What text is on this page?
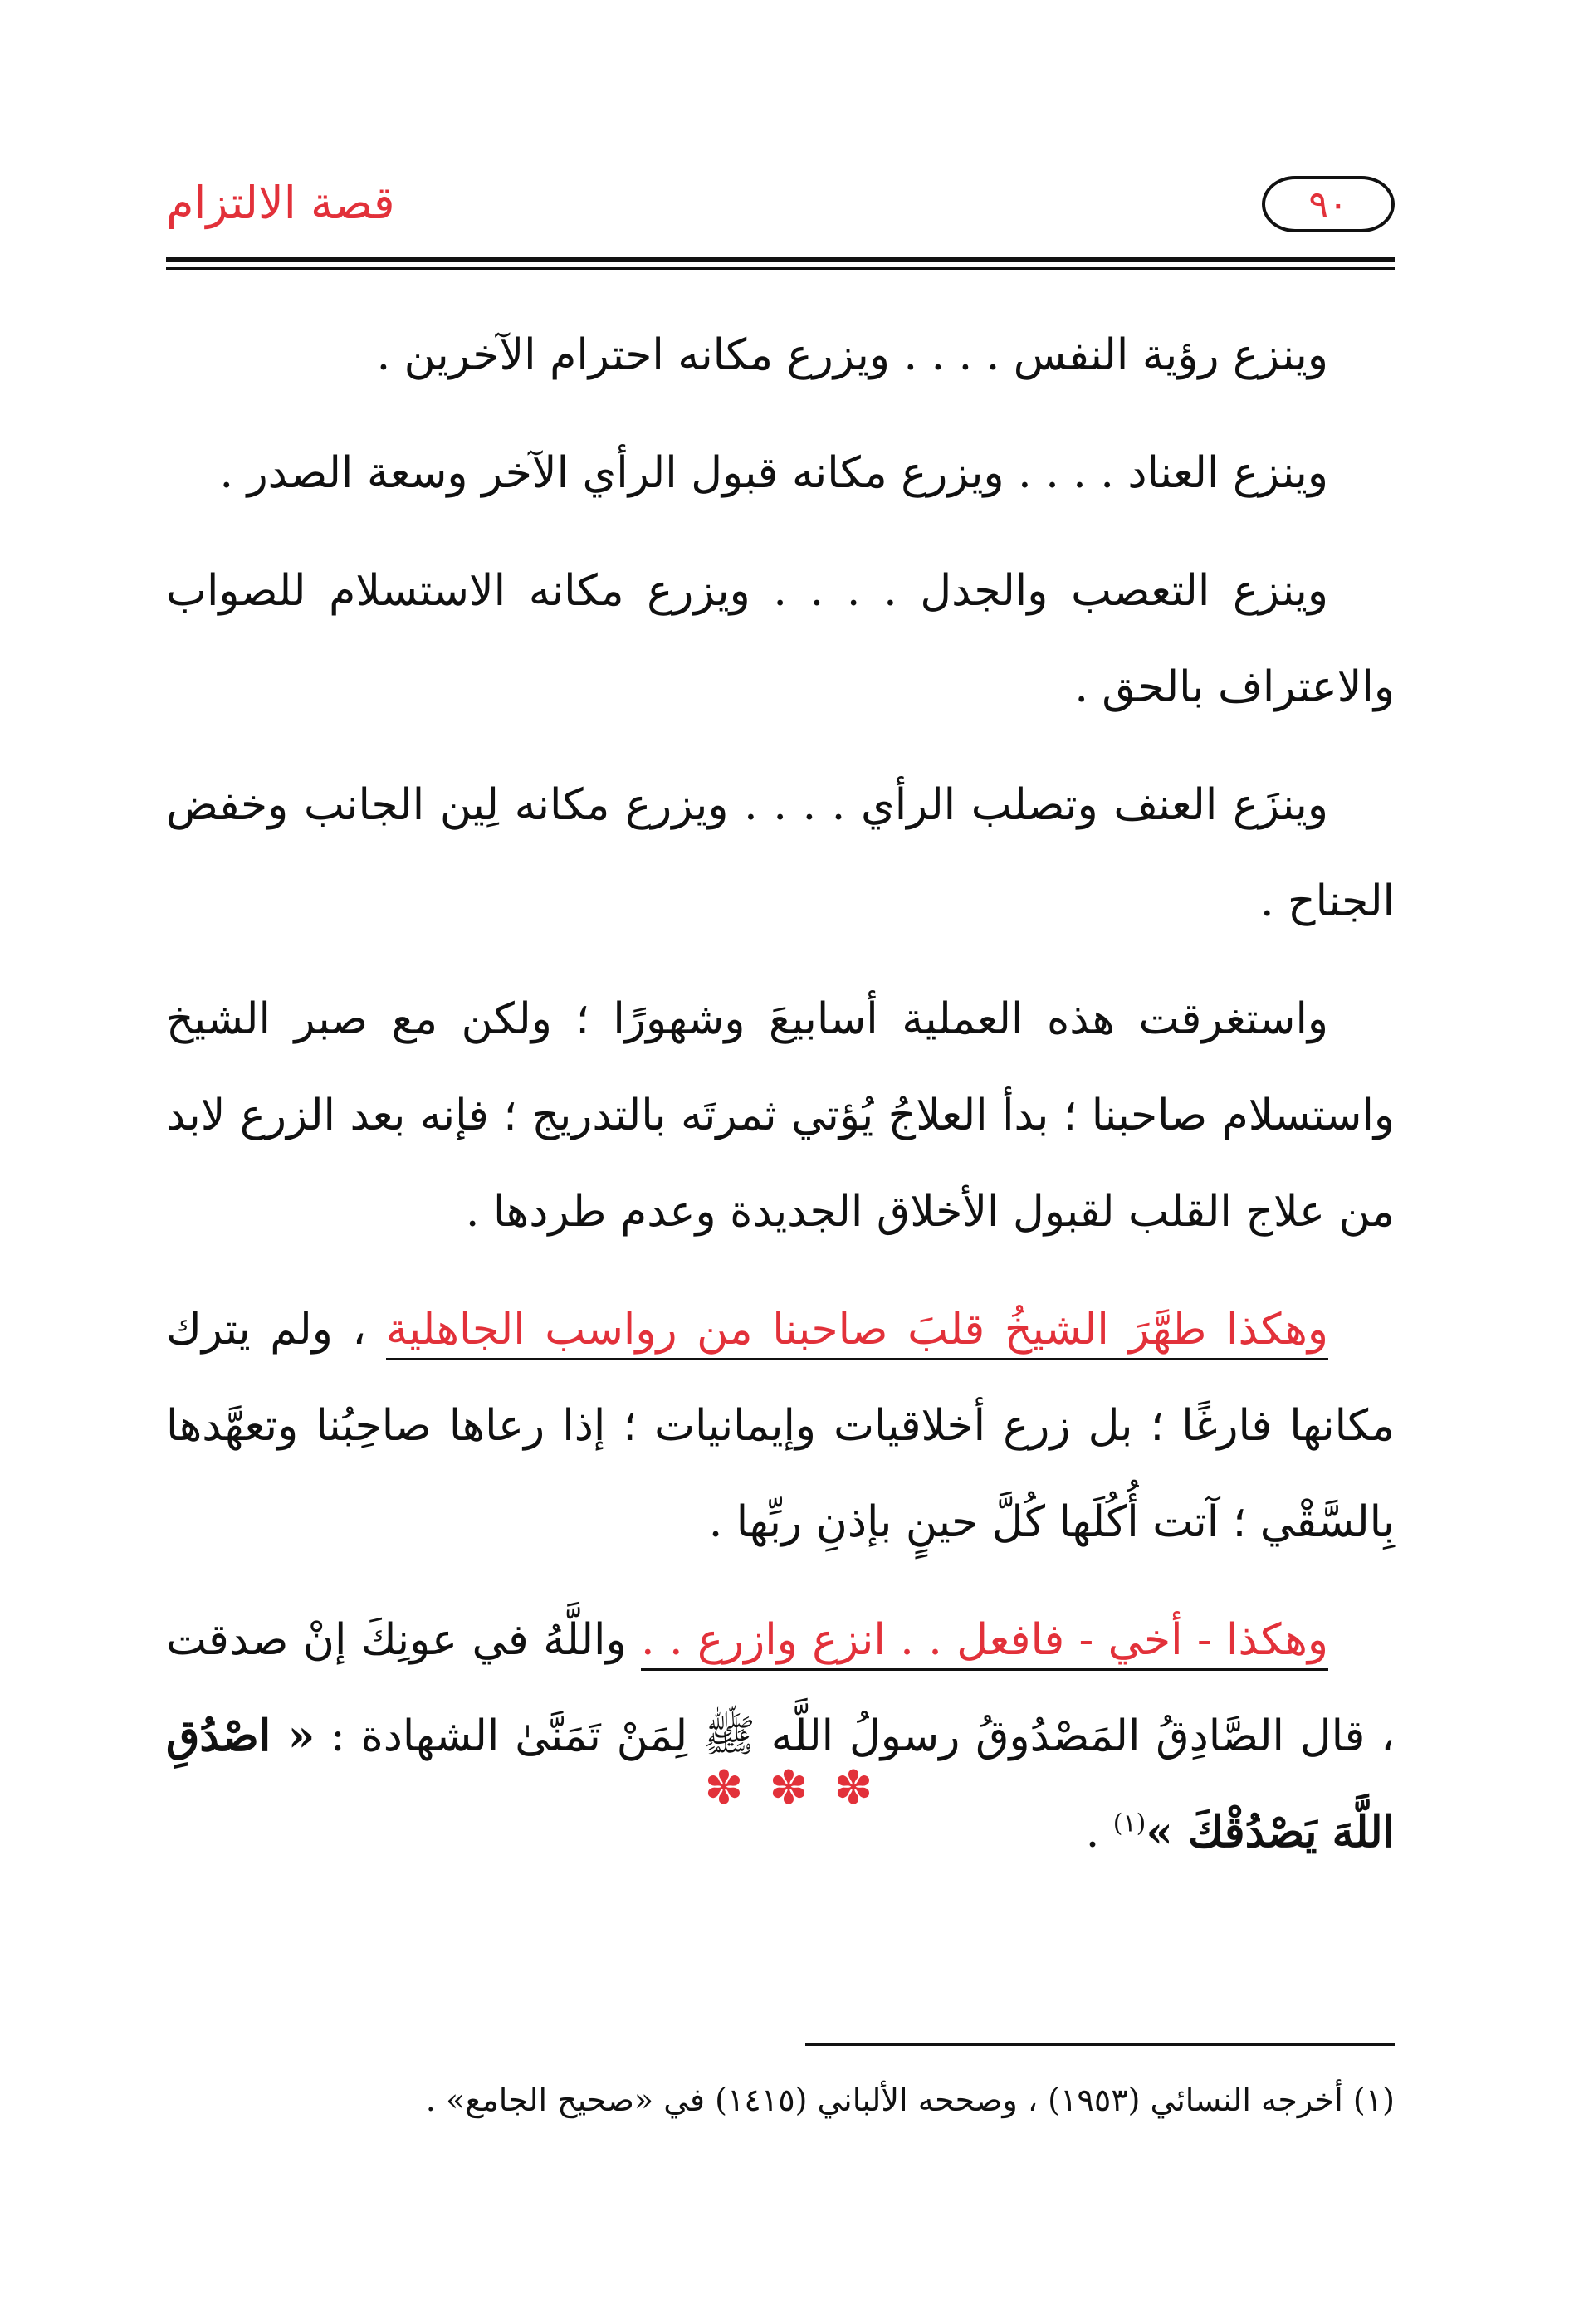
قصة الالتزام	٩٠

وينزع رؤية النفس . . . . ويزرع مكانه احترام الآخرين .

وينزع العناد . . . . ويزرع مكانه قبول الرأي الآخر وسعة الصدر .

وينزع التعصب والجدل . . . . ويزرع مكانه الاستسلام للصواب والاعتراف بالحق .

وينزَع العنف وتصلب الرأي . . . . ويزرع مكانه لِين الجانب وخفض الجناح .

واستغرقت هذه العملية أسابيعَ وشهورًا ؛ ولكن مع صبر الشيخ واستسلام صاحبنا ؛ بدأ العلاجُ يُؤتي ثمرتَه بالتدريج ؛ فإنه بعد الزرع لابد من علاج القلب لقبول الأخلاق الجديدة وعدم طردها .

وهكذا طهَّرَ الشيخُ قلبَ صاحبنا من رواسب الجاهلية ، ولم يترك مكانها فارغًا ؛ بل زرع أخلاقيات وإيمانيات ؛ إذا رعاها صاحِبُنا وتعهَّدها بِالسَّقْي ؛ آتت أُكُلَها كُلَّ حينٍ بإذنِ ربِّها .

وهكذا - أخي - فافعل . . انزع وازرع . . واللَّهُ في عونِكَ إنْ صدقت ، قال الصَّادِقُ المَصْدُوقُ رسولُ اللَّه ﷺ لِمَنْ تَمَنَّىٰ الشهادة : « اصْدُقِ اللَّهَ يَصْدُقْكَ »$^{(١)}$ .

✽ ✽ ✽
(١) أخرجه النسائي (١٩٥٣) ، وصححه الألباني (١٤١٥) في «صحيح الجامع» .
